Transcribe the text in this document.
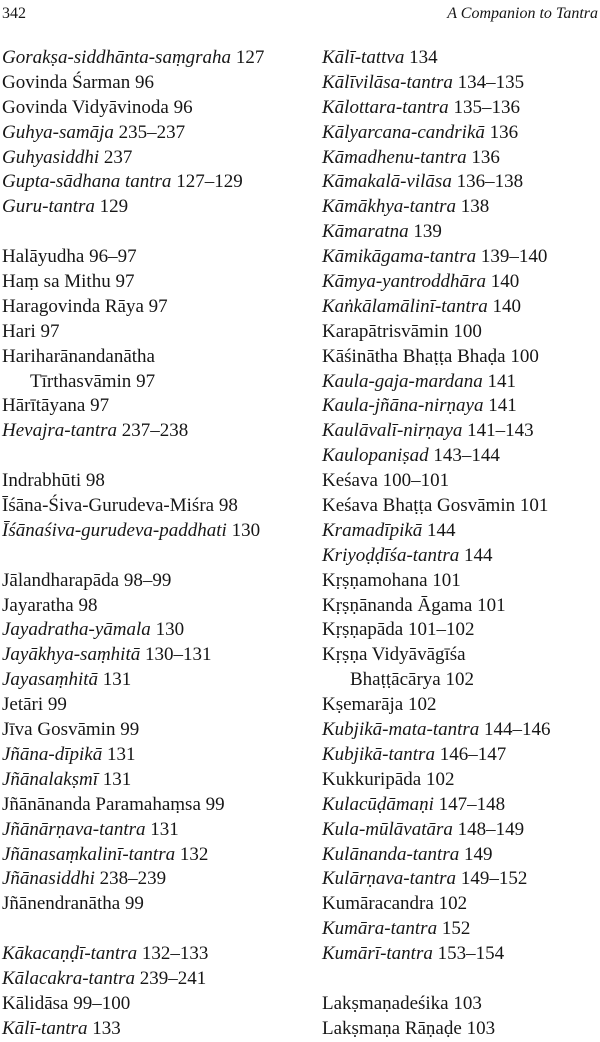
342	A Companion to Tantra
Gorakṣa-siddhānta-saṃgraha 127
Govinda Śarman 96
Govinda Vidyāvinoda 96
Guhya-samāja 235–237
Guhyasiddhi 237
Gupta-sādhana tantra 127–129
Guru-tantra 129
Halāyudha 96–97
Haṃ sa Mithu 97
Haragovinda Rāya 97
Hari 97
Hariharānandanātha
Tīrthasvāmin 97
Hārītāyana 97
Hevajra-tantra 237–238
Indrabhūti 98
Īśāna-Śiva-Gurudeva-Miśra 98
Īśānaśiva-gurudeva-paddhati 130
Jālandharapāda 98–99
Jayaratha 98
Jayadratha-yāmala 130
Jayākhya-saṃhitā 130–131
Jayasaṃhitā 131
Jetāri 99
Jīva Gosvāmin 99
Jñāna-dīpikā 131
Jñānalakṣmī 131
Jñānānanda Paramahaṃsa 99
Jñānārṇava-tantra 131
Jñānasaṃkalinī-tantra 132
Jñānasiddhi 238–239
Jñānendranātha 99
Kākacaṇḍī-tantra 132–133
Kālacakra-tantra 239–241
Kālidāsa 99–100
Kālī-tantra 133
Kālī-tattva 134
Kālīvilāsa-tantra 134–135
Kālottara-tantra 135–136
Kālyarcana-candrikā 136
Kāmadhenu-tantra 136
Kāmakalā-vilāsa 136–138
Kāmākhya-tantra 138
Kāmaratna 139
Kāmikāgama-tantra 139–140
Kāmya-yantroddhāra 140
Kaṅkālamālinī-tantra 140
Karapātrisvāmin 100
Kāśinātha Bhaṭṭa Bhaḍa 100
Kaula-gaja-mardana 141
Kaula-jñāna-nirṇaya 141
Kaulāvalī-nirṇaya 141–143
Kaulopaniṣad 143–144
Keśava 100–101
Keśava Bhaṭṭa Gosvāmin 101
Kramadīpikā 144
Kriyoḍḍīśa-tantra 144
Kṛṣṇamohana 101
Kṛṣṇānanda Āgama 101
Kṛṣṇapāda 101–102
Kṛṣṇa Vidyāvāgīśa
Bhaṭṭācārya 102
Kṣemarāja 102
Kubjikā-mata-tantra 144–146
Kubjikā-tantra 146–147
Kukkuripāda 102
Kulacūḍāmaṇi 147–148
Kula-mūlāvatāra 148–149
Kulānanda-tantra 149
Kulārṇava-tantra 149–152
Kumāracandra 102
Kumāra-tantra 152
Kumārī-tantra 153–154
Lakṣmaṇadeśika 103
Lakṣmaṇa Rāṇaḍe 103
